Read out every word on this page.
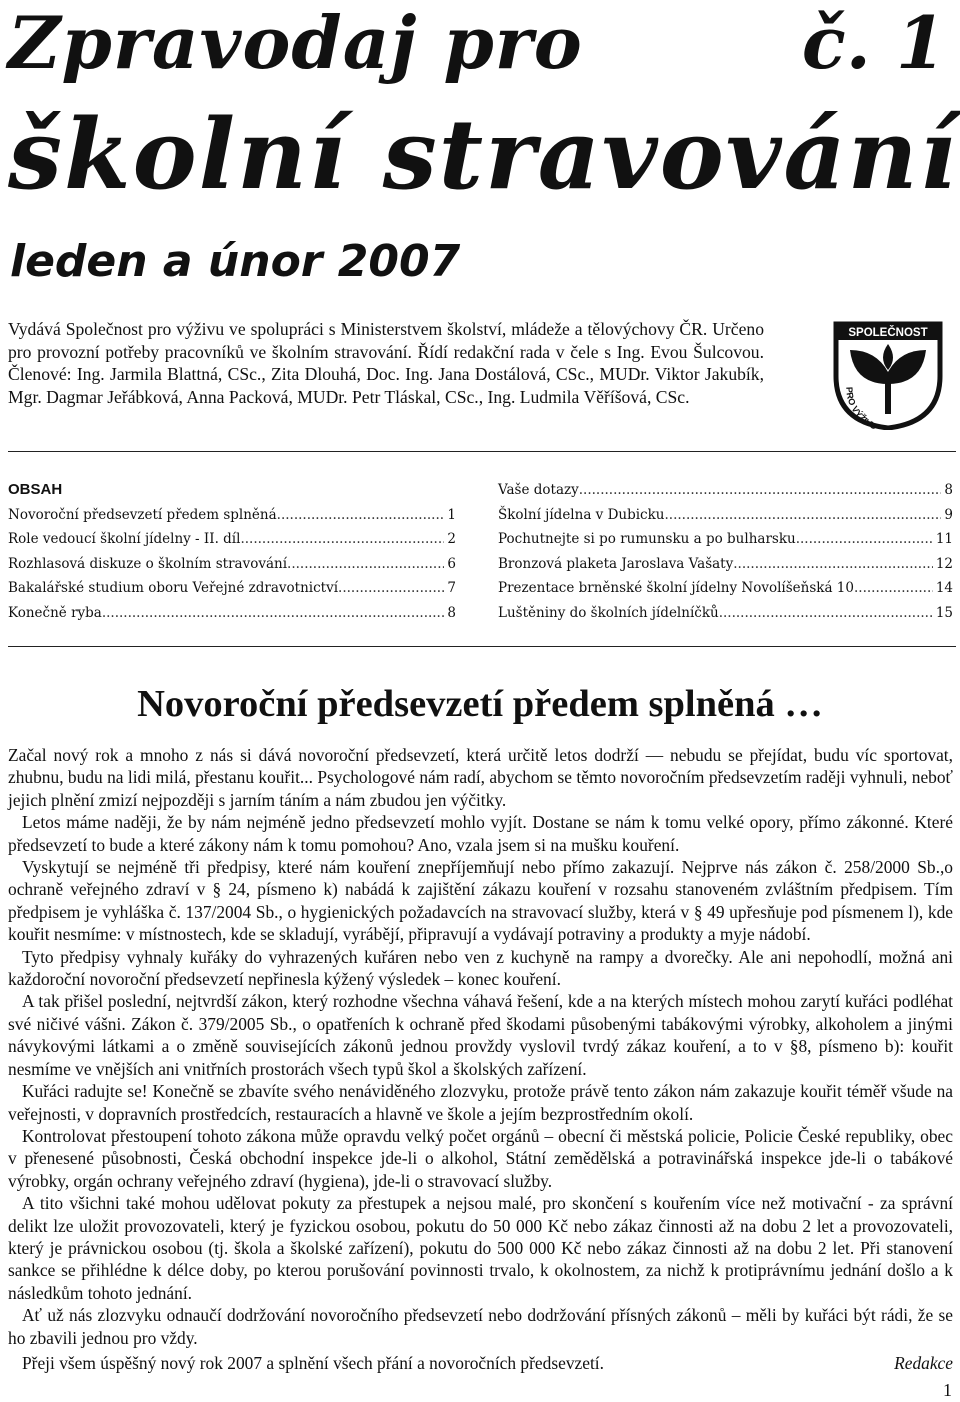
Zpravodaj pro	č. 1
školní stravování
leden a únor 2007
Vydává Společnost pro výživu ve spolupráci s Ministerstvem školství, mládeže a tělovýchovy ČR. Určeno pro provozní potřeby pracovníků ve školním stravování. Řídí redakční rada v čele s Ing. Evou Šulcovou. Členové: Ing. Jarmila Blattná, CSc., Zita Dlouhá, Doc. Ing. Jana Dostálová, CSc., MUDr. Viktor Jakubík, Mgr. Dagmar Jeřábková, Anna Packová, MUDr. Petr Tláskal, CSc., Ing. Ludmila Věříšová, CSc.
SPOLEČNOST
PRO VÝŽIVU
OBSAH
Novoroční předsevzetí předem splněná .....	1
Role vedoucí školní jídelny - II. díl .....	2
Rozhlasová diskuze o školním stravování .....	6
Bakalářské studium oboru Veřejné zdravotnictví .....	7
Konečně ryba .....	8
Vaše dotazy .....	8
Školní jídelna v Dubicku .....	9
Pochutnejte si po rumunsku a po bulharsku .....	11
Bronzová plaketa Jaroslava Vašaty .....	12
Prezentace brněnské školní jídelny Novolíšeňská 10 .....	14
Luštěniny do školních jídelníčků .....	15
Novoroční předsevzetí předem splněná …

Začal nový rok a mnoho z nás si dává novoroční předsevzetí, která určitě letos dodrží — nebudu se přejídat, budu víc sportovat, zhubnu, budu na lidi milá, přestanu kouřit... Psychologové nám radí, abychom se těmto novoročním předsevzetím raději vyhnuli, neboť jejich plnění zmizí nejpozději s jarním táním a nám zbudou jen výčitky.

Letos máme naději, že by nám nejméně jedno předsevzetí mohlo vyjít. Dostane se nám k tomu velké opory, přímo zákonné. Které předsevzetí to bude a které zákony nám k tomu pomohou? Ano, vzala jsem si na mušku kouření.

Vyskytují se nejméně tři předpisy, které nám kouření znepříjemňují nebo přímo zakazují. Nejprve nás zákon č. 258/2000 Sb.,o ochraně veřejného zdraví v § 24, písmeno k) nabádá k zajištění zákazu kouření v rozsahu stanoveném zvláštním předpisem. Tím předpisem je vyhláška č. 137/2004 Sb., o hygienických požadavcích na stravovací služby, která v § 49 upřesňuje pod písmenem l), kde kouřit nesmíme: v místnostech, kde se skladují, vyrábějí, připravují a vydávají potraviny a produkty a myje nádobí.

Tyto předpisy vyhnaly kuřáky do vyhrazených kuřáren nebo ven z kuchyně na rampy a dvorečky. Ale ani nepohodlí, možná ani každoroční novoroční předsevzetí nepřinesla kýžený výsledek – konec kouření.

A tak přišel poslední, nejtvrdší zákon, který rozhodne všechna váhavá řešení, kde a na kterých místech mohou zarytí kuřáci podléhat své ničivé vášni. Zákon č. 379/2005 Sb., o opatřeních k ochraně před škodami působenými tabákovými výrobky, alkoholem a jinými návykovými látkami a o změně souvisejících zákonů jednou provždy vyslovil tvrdý zákaz kouření, a to v §8, písmeno b): kouřit nesmíme ve vnějších ani vnitřních prostorách všech typů škol a školských zařízení.

Kuřáci radujte se! Konečně se zbavíte svého nenáviděného zlozvyku, protože právě tento zákon nám zakazuje kouřit téměř všude na veřejnosti, v dopravních prostředcích, restauracích a hlavně ve škole a jejím bezprostředním okolí.

Kontrolovat přestoupení tohoto zákona může opravdu velký počet orgánů – obecní či městská policie, Policie České republiky, obec v přenesené působnosti, Česká obchodní inspekce jde-li o alkohol, Státní zemědělská a potravinářská inspekce jde-li o tabákové výrobky, orgán ochrany veřejného zdraví (hygiena), jde-li o stravovací služby.

A tito všichni také mohou udělovat pokuty za přestupek a nejsou malé, pro skončení s kouřením více než motivační - za správní delikt lze uložit provozovateli, který je fyzickou osobou, pokutu do 50 000 Kč nebo zákaz činnosti až na dobu 2 let a provozovateli, který je právnickou osobou (tj. škola a školské zařízení), pokutu do 500 000 Kč nebo zákaz činnosti až na dobu 2 let. Při stanovení sankce se přihlédne k délce doby, po kterou porušování povinnosti trvalo, k okolnostem, za nichž k protiprávnímu jednání došlo a k následkům tohoto jednání.

Ať už nás zlozvyku odnaučí dodržování novoročního předsevzetí nebo dodržování přísných zákonů – měli by kuřáci být rádi, že se ho zbavili jednou pro vždy.

Přeji všem úspěšný nový rok 2007 a splnění všech přání a novoročních předsevzetí.	Redakce
1
